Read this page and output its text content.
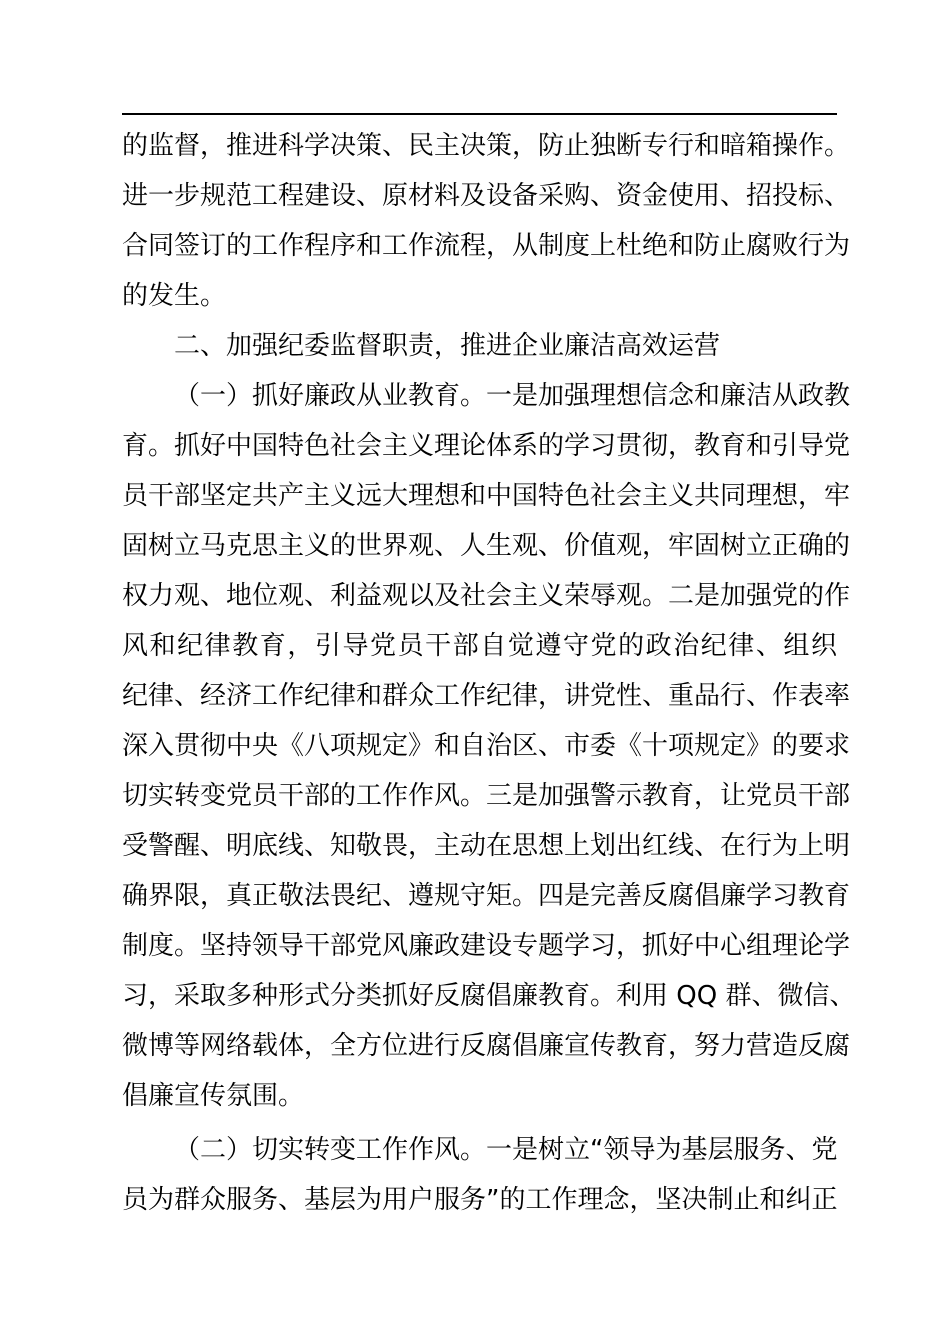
的监督，推进科学决策、民主决策，防止独断专行和暗箱操作。
进一步规范工程建设、原材料及设备采购、资金使用、招投标、
合同签订的工作程序和工作流程，从制度上杜绝和防止腐败行为
的发生。
二、加强纪委监督职责，推进企业廉洁高效运营
（一）抓好廉政从业教育。一是加强理想信念和廉洁从政教
育。抓好中国特色社会主义理论体系的学习贯彻，教育和引导党
员干部坚定共产主义远大理想和中国特色社会主义共同理想，牢
固树立马克思主义的世界观、人生观、价值观，牢固树立正确的
权力观、地位观、利益观以及社会主义荣辱观。二是加强党的作
风和纪律教育，引导党员干部自觉遵守党的政治纪律、组织
纪律、经济工作纪律和群众工作纪律，讲党性、重品行、作表率
深入贯彻中央《八项规定》和自治区、市委《十项规定》的要求
切实转变党员干部的工作作风。三是加强警示教育，让党员干部
受警醒、明底线、知敬畏，主动在思想上划出红线、在行为上明
确界限，真正敬法畏纪、遵规守矩。四是完善反腐倡廉学习教育
制度。坚持领导干部党风廉政建设专题学习，抓好中心组理论学
习，采取多种形式分类抓好反腐倡廉教育。利用 QQ 群、微信、
微博等网络载体，全方位进行反腐倡廉宣传教育，努力营造反腐
倡廉宣传氛围。
（二）切实转变工作作风。一是树立“领导为基层服务、党
员为群众服务、基层为用户服务”的工作理念，坚决制止和纠正
